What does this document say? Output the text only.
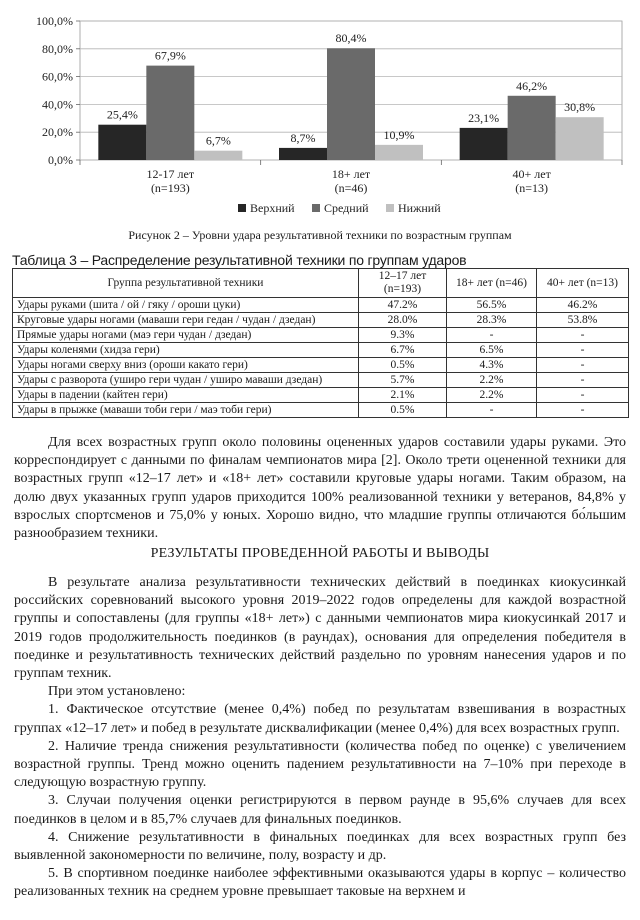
0,0%
20,0%
40,0%
60,0%
80,0%
100,0%
25,4%
67,9%
6,7%
12-17 лет
(n=193)
8,7%
80,4%
10,9%
18+ лет
(n=46)
23,1%
46,2%
30,8%
40+ лет
(n=13)
Верхний Средний Нижний
Рисунок 2 – Уровни удара результативной техники по возрастным группам
Таблица 3 – Распределение результативной техники по группам ударов
Группа результативной техники	12–17 лет (n=193)	18+ лет (n=46)	40+ лет (n=13)
Удары руками (шита / ой / гяку / ороши цуки)	47.2%	56.5%	46.2%
Круговые удары ногами (маваши гери гедан / чудан / дзедан)	28.0%	28.3%	53.8%
Прямые удары ногами (маэ гери чудан / дзедан)	9.3%	-	-
Удары коленями (хидза гери)	6.7%	6.5%	-
Удары ногами сверху вниз (ороши какато гери)	0.5%	4.3%	-
Удары с разворота (уширо гери чудан / уширо маваши дзедан)	5.7%	2.2%	-
Удары в падении (кайтен гери)	2.1%	2.2%	-
Удары в прыжке (маваши тоби гери / маэ тоби гери)	0.5%	-	-

Для всех возрастных групп около половины оцененных ударов составили удары руками. Это корреспондирует с данными по финалам чемпионатов мира [2]. Около трети оцененной техники для возрастных групп «12–17 лет» и «18+ лет» составили круговые удары ногами. Таким образом, на долю двух указанных групп ударов приходится 100% реализованной техники у ветеранов, 84,8% у взрослых спортсменов и 75,0% у юных. Хорошо видно, что младшие группы отличаются бо́льшим разнообразием техники.

РЕЗУЛЬТАТЫ ПРОВЕДЕННОЙ РАБОТЫ И ВЫВОДЫ

В результате анализа результативности технических действий в поединках киокусинкай российских соревнований высокого уровня 2019–2022 годов определены для каждой возрастной группы и сопоставлены (для группы «18+ лет») с данными чемпионатов мира киокусинкай 2017 и 2019 годов продолжительность поединков (в раундах), основания для определения победителя в поединке и результативность технических действий раздельно по уровням нанесения ударов и по группам техник.

При этом установлено:

1. Фактическое отсутствие (менее 0,4%) побед по результатам взвешивания в возрастных группах «12–17 лет» и побед в результате дисквалификации (менее 0,4%) для всех возрастных групп.

2. Наличие тренда снижения результативности (количества побед по оценке) с увеличением возрастной группы. Тренд можно оценить падением результативности на 7–10% при переходе в следующую возрастную группу.

3. Случаи получения оценки регистрируются в первом раунде в 95,6% случаев для всех поединков в целом и в 85,7% случаев для финальных поединков.

4. Снижение результативности в финальных поединках для всех возрастных групп без выявленной закономерности по величине, полу, возрасту и др.

5. В спортивном поединке наиболее эффективными оказываются удары в корпус – количество реализованных техник на среднем уровне превышает таковые на верхнем и
